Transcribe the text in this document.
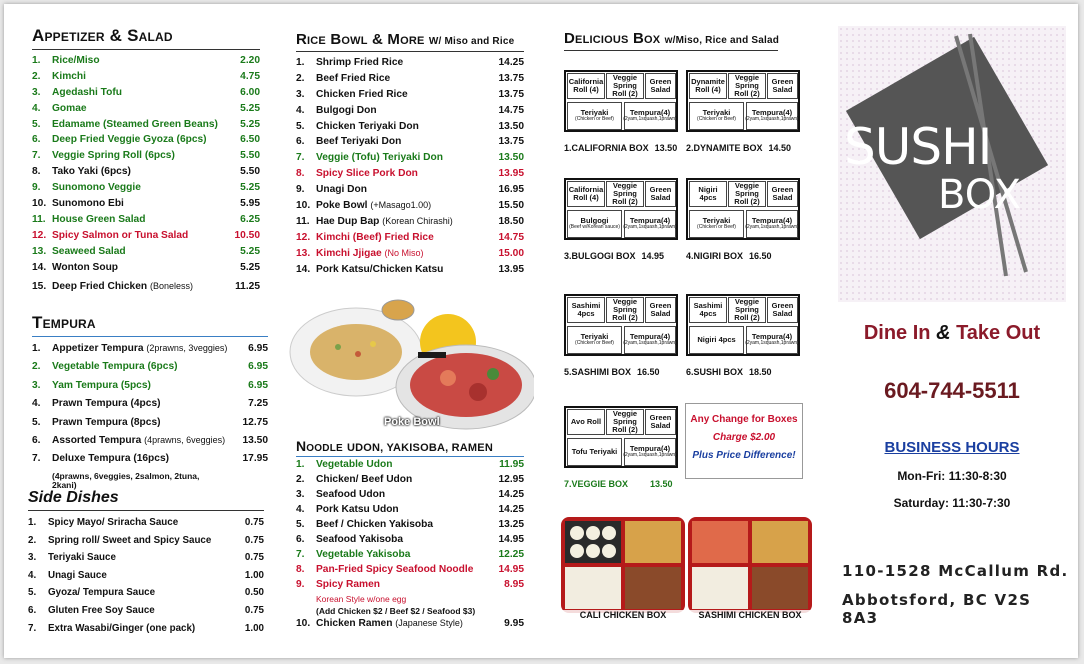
Appetizer & Salad
1.	Rice/Miso	2.20
2.	Kimchi	4.75
3.	Agedashi Tofu	6.00
4.	Gomae	5.25
5.	Edamame (Steamed Green Beans)	5.25
6.	Deep Fried Veggie Gyoza (6pcs)	6.50
7.	Veggie Spring Roll (6pcs)	5.50
8.	Tako Yaki (6pcs)	5.50
9.	Sunomono Veggie	5.25
10. Sunomono Ebi	5.95
11. House Green Salad	6.25
12. Spicy Salmon or Tuna Salad	10.50
13. Seaweed Salad	5.25
14. Wonton Soup	5.25
15. Deep Fried Chicken (Boneless)	11.25
Tempura
1.	Appetizer Tempura (2prawns, 3veggies)	6.95
2.	Vegetable Tempura (6pcs)	6.95
3.	Yam Tempura (5pcs)	6.95
4.	Prawn Tempura (4pcs)	7.25
5.	Prawn Tempura (8pcs)	12.75
6.	Assorted Tempura (4prawns, 6veggies)	13.50
7.	Deluxe Tempura (16pcs)	17.95
(4prawns, 6veggies, 2salmon, 2tuna, 2kani)
Side Dishes
1.	Spicy Mayo/ Sriracha Sauce	0.75
2.	Spring roll/ Sweet and Spicy Sauce	0.75
3.	Teriyaki Sauce	0.75
4.	Unagi Sauce	1.00
5.	Gyoza/ Tempura Sauce	0.50
6.	Gluten Free Soy Sauce	0.75
7.	Extra Wasabi/Ginger (one pack)	1.00
Rice Bowl & More W/ Miso and Rice
1.	Shrimp Fried Rice	14.25
2.	Beef Fried Rice	13.75
3.	Chicken Fried Rice	13.75
4.	Bulgogi Don	14.75
5.	Chicken Teriyaki Don	13.50
6.	Beef Teriyaki Don	13.75
7.	Veggie (Tofu) Teriyaki Don	13.50
8.	Spicy Slice Pork Don	13.95
9.	Unagi Don	16.95
10. Poke Bowl (+Masago1.00)	15.50
11. Hae Dup Bap (Korean Chirashi)	18.50
12. Kimchi (Beef) Fried Rice	14.75
13. Kimchi Jjigae (No Miso)	15.00
14. Pork Katsu/Chicken Katsu	13.95
Poke Bowl
Noodle UDON, YAKISOBA, RAMEN
1.	Vegetable Udon	11.95
2.	Chicken/ Beef Udon	12.95
3.	Seafood Udon	14.25
4.	Pork Katsu Udon	14.25
5.	Beef / Chicken Yakisoba	13.25
6.	Seafood Yakisoba	14.95
7.	Vegetable Yakisoba	12.25
8.	Pan-Fried Spicy Seafood Noodle	14.95
9.	Spicy Ramen	8.95
Korean Style w/one egg
(Add Chicken $2 / Beef $2 / Seafood $3)
10. Chicken Ramen (Japanese Style)	9.95
Delicious Box w/Miso, Rice and Salad
California Roll (4)
Veggie Spring Roll (2)
Green Salad
Teriyaki
(Chicken or Beef)
Tempura(4)
(2yam,1squash,1prawn)
1.CALIFORNIA BOX 13.50
Dynamite Roll (4)
Veggie Spring Roll (2)
Green Salad
Teriyaki
(Chicken or Beef)
Tempura(4)
(2yam,1squash,1prawn)
2.DYNAMITE BOX 14.50
California Roll (4)
Veggie Spring Roll (2)
Green Salad
Bulgogi
(Beef w/Korean sauce)
Tempura(4)
(2yam,1squash,1prawn)
3.BULGOGI BOX 14.95
Nigiri 4pcs
Veggie Spring Roll (2)
Green Salad
Teriyaki
(Chicken or Beef)
Tempura(4)
(2yam,1squash,1prawn)
4.NIGIRI BOX 16.50
Sashimi 4pcs
Veggie Spring Roll (2)
Green Salad
Teriyaki
(Chicken or Beef)
Tempura(4)
(2yam,1squash,1prawn)
5.SASHIMI BOX 16.50
Sashimi 4pcs
Veggie Spring Roll (2)
Green Salad
Nigiri 4pcs Tempura(4)
(2yam,1squash,1prawn)
6.SUSHI BOX 18.50
Avo Roll
Veggie Spring Roll (2)
Green Salad
Tofu Teriyaki Tempura(4)
(2yam,1squash,1prawn)
7.VEGGIE BOX 13.50
Any Change for Boxes
Charge $2.00
Plus Price Difference!
CALI CHICKEN BOX	SASHIMI CHICKEN BOX
SUSHI
BOX
Dine In & Take Out
604-744-5511
BUSINESS HOURS
Mon-Fri: 11:30-8:30
Saturday: 11:30-7:30
110-1528 McCallum Rd.
Abbotsford, BC V2S 8A3
